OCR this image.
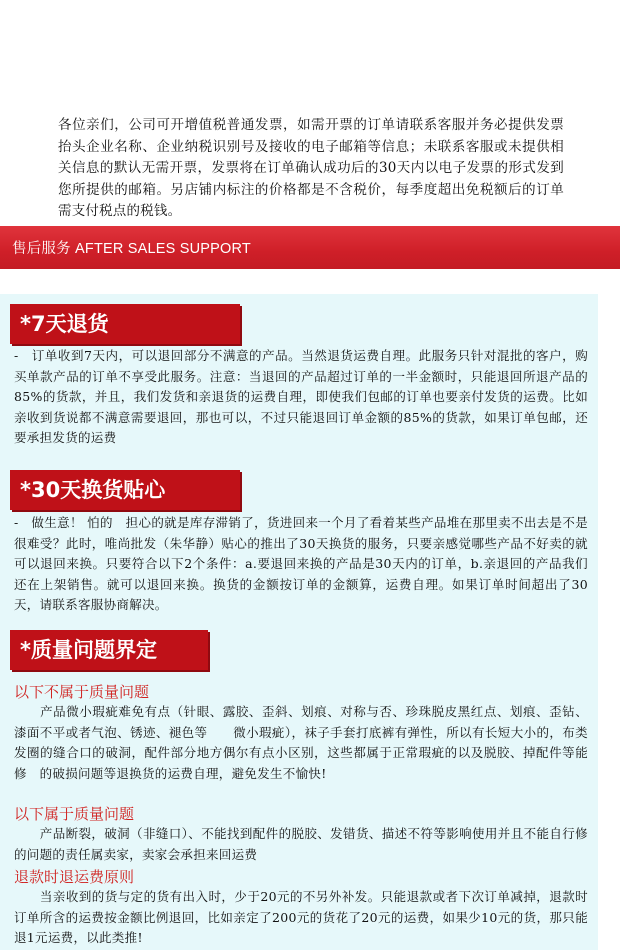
各位亲们，公司可开增值税普通发票，如需开票的订单请联系客服并务必提供发票抬头企业名称、企业纳税识别号及接收的电子邮箱等信息；未联系客服或未提供相关信息的默认无需开票，发票将在订单确认成功后的30天内以电子发票的形式发到您所提供的邮箱。另店铺内标注的价格都是不含税价，每季度超出免税额后的订单需支付税点的税钱。
售后服务 AFTER SALES SUPPORT
*7天退货
-　订单收到7天内，可以退回部分不满意的产品。当然退货运费自理。此服务只针对混批的客户，购买单款产品的订单不享受此服务。注意：当退回的产品超过订单的一半金额时，只能退回所退产品的85%的货款，并且，我们发货和亲退货的运费自理，即使我们包邮的订单也要亲付发货的运费。比如亲收到货说都不满意需要退回，那也可以，不过只能退回订单金额的85%的货款，如果订单包邮，还要承担发货的运费
*30天换货贴心
-　做生意！ 怕的　担心的就是库存滞销了，货进回来一个月了看着某些产品堆在那里卖不出去是不是很难受？此时，唯尚批发（朱华静）贴心的推出了30天换货的服务，只要亲感觉哪些产品不好卖的就可以退回来换。只要符合以下2个条件：a.要退回来换的产品是30天内的订单，b.亲退回的产品我们还在上架销售。就可以退回来换。换货的金额按订单的金额算，运费自理。如果订单时间超出了30天，请联系客服协商解决。
*质量问题界定
以下不属于质量问题
　　产品微小瑕疵难免有点（针眼、露胶、歪斜、划痕、对称与否、珍珠脱皮黑红点、划痕、歪钻、漆面不平或者气泡、锈迹、褪色等　　微小瑕疵），袜子手套打底裤有弹性，所以有长短大小的，布类发圈的缝合口的破洞，配件部分地方偶尔有点小区别，这些都属于正常瑕疵的以及脱胶、掉配件等能修　的破损问题等退换货的运费自理，避免发生不愉快!
以下属于质量问题
　　产品断裂，破洞（非缝口）、不能找到配件的脱胶、发错货、描述不符等影响使用并且不能自行修　的问题的责任属卖家，卖家会承担来回运费
退款时退运费原则
　　当亲收到的货与定的货有出入时，少于20元的不另外补发。只能退款或者下次订单减掉，退款时订单所含的运费按金额比例退回，比如亲定了200元的货花了20元的运费，如果少10元的货，那只能退1元运费，以此类推!
